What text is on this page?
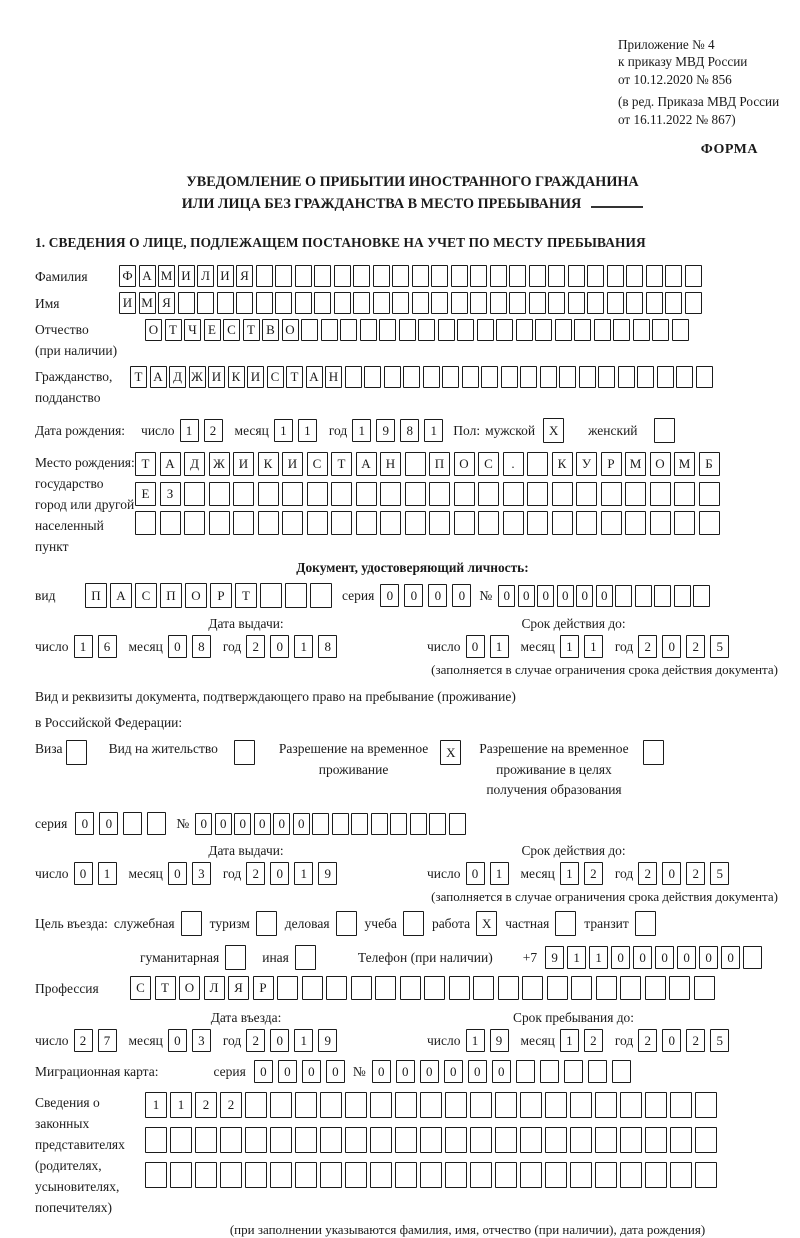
Приложение № 4
к приказу МВД России
от 10.12.2020 № 856
(в ред. Приказа МВД России
от 16.11.2022 № 867)
ФОРМА
УВЕДОМЛЕНИЕ О ПРИБЫТИИ ИНОСТРАННОГО ГРАЖДАНИНА
ИЛИ ЛИЦА БЕЗ ГРАЖДАНСТВА В МЕСТО ПРЕБЫВАНИЯ
1. СВЕДЕНИЯ О ЛИЦЕ, ПОДЛЕЖАЩЕМ ПОСТАНОВКЕ НА УЧЕТ ПО МЕСТУ ПРЕБЫВАНИЯ
Фамилия	Ф А М И Л И Я
Имя	И М Я
Отчество
(при наличии)
О Т Ч Е С Т В О
Гражданство,
подданство
Т А Д Ж И К И С Т А Н
Дата рождения: число 1	2	месяц 1	1	год 1	9	8	1	Пол: мужской	X	женский
Место рождения:
государство
город или другой
населенный пункт
Т	А	Д	Ж	И	К	И	С	Т	А	Н	П	О	С	.	К	У	Р	М	О	М	Б
Е	З
Документ, удостоверяющий личность:
вид	П	А	С	П	О	Р	Т	серия 0	0	0	0	№ 0	0	0	0	0	0
Дата выдачи:
число 1	6	месяц 0	8	год 2	0	1	8
Срок действия до:
число 0	1	месяц 1	1	год 2	0	2	5
(заполняется в случае ограничения срока действия документа)
Вид и реквизиты документа, подтверждающего право на пребывание (проживание)
в Российской Федерации:
Виза	Вид на жительство	Разрешение на временное
проживание
X	Разрешение на временное
проживание в целях
получения образования
серия	0	0	№ 0	0	0	0	0	0
Дата выдачи:
число 0	1	месяц 0	3	год 2	0	1	9
Срок действия до:
число 0	1	месяц 1	2	год 2	0	2	5
(заполняется в случае ограничения срока действия документа)
Цель въезда: служебная	туризм	деловая	учеба	работа X	частная	транзит
гуманитарная	иная	Телефон (при наличии) +7	9	1	1	0	0	0	0	0	0
Профессия	С	Т	О	Л	Я	Р
Дата въезда:
число 2	7	месяц 0	3	год 2	0	1	9
Срок пребывания до:
число 1	9	месяц 1	2	год 2	0	2	5
Миграционная карта:	серия	0	0	0	0	№ 0	0	0	0	0	0
Сведения о
законных
представителях
(родителях,
усыновителях,
попечителях)
1	1	2	2
(при заполнении указываются фамилия, имя, отчество (при наличии), дата рождения)
